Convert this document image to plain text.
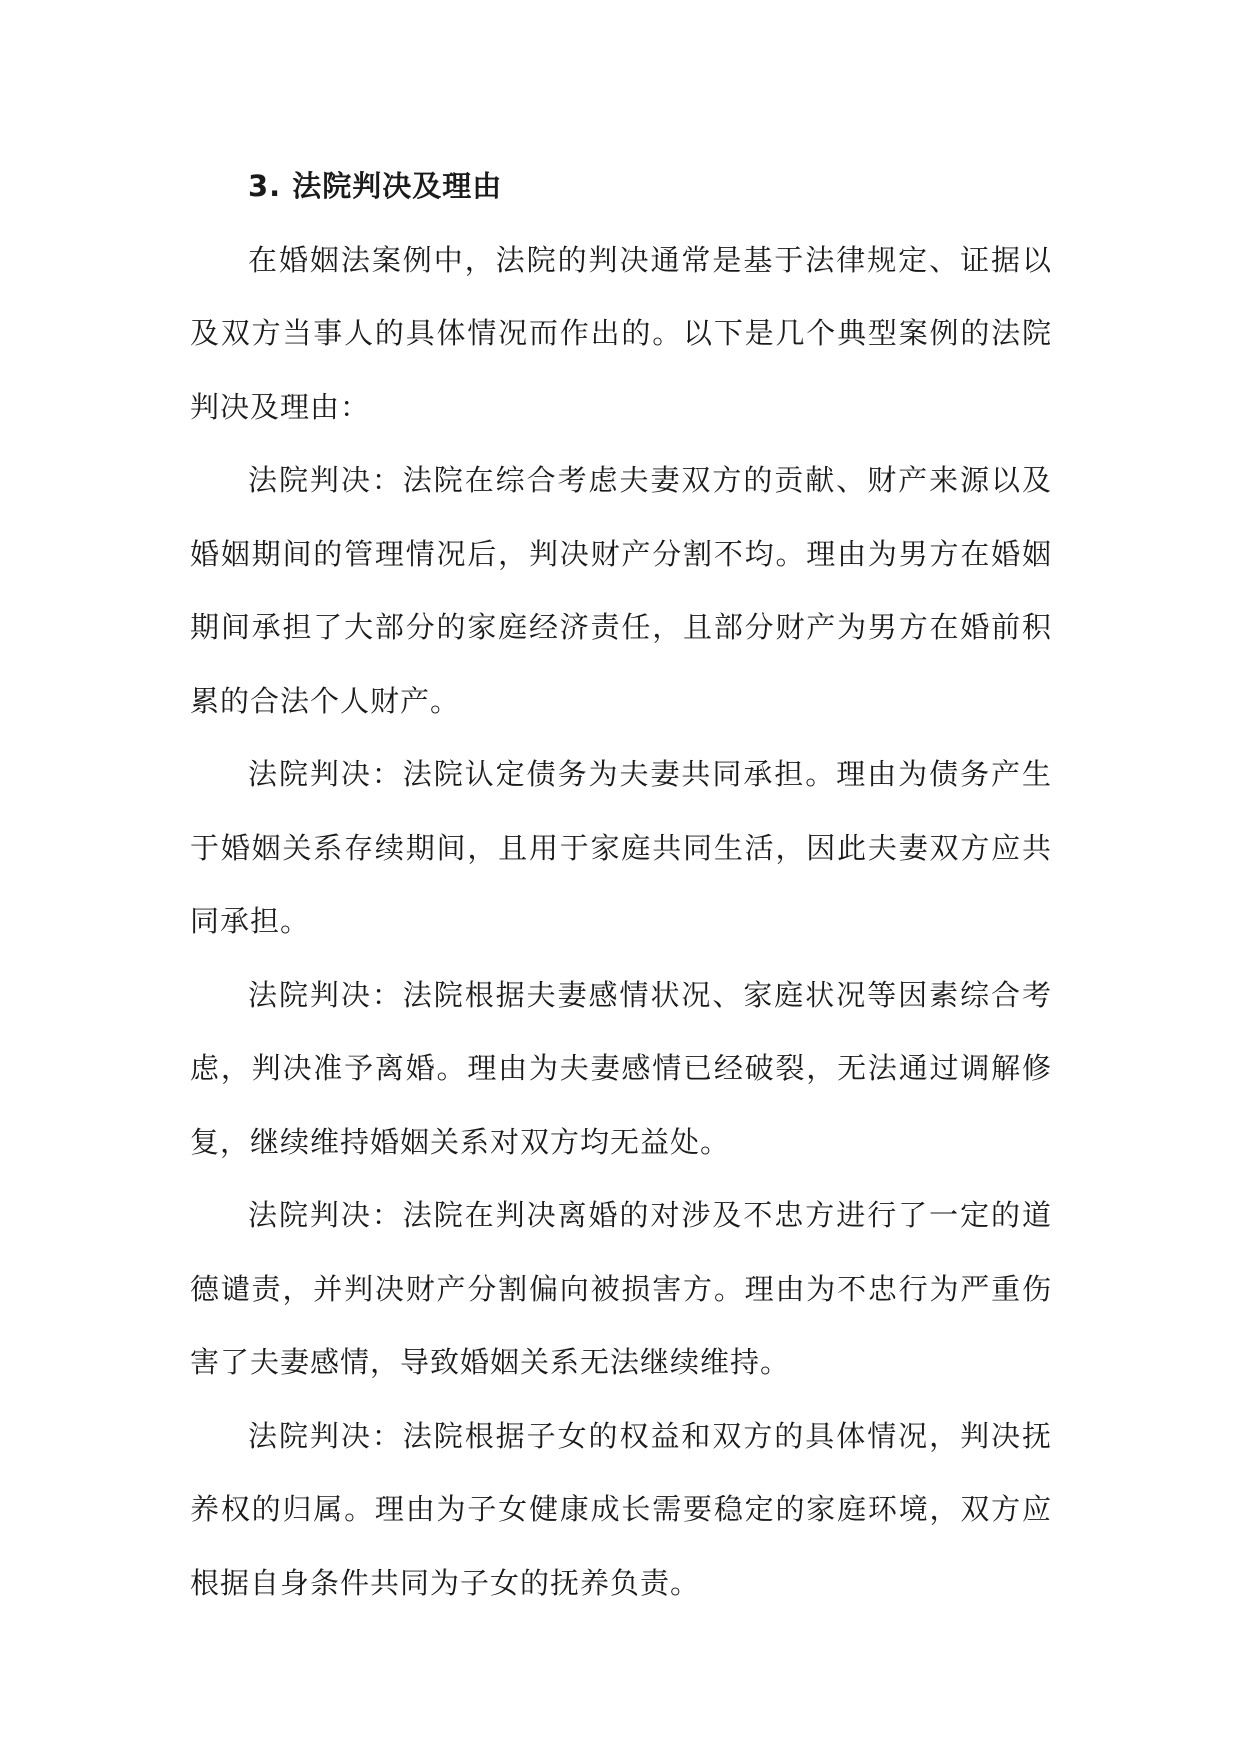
3. 法院判决及理由

在婚姻法案例中，法院的判决通常是基于法律规定、证据以及双方当事人的具体情况而作出的。以下是几个典型案例的法院判决及理由：

法院判决：法院在综合考虑夫妻双方的贡献、财产来源以及婚姻期间的管理情况后，判决财产分割不均。理由为男方在婚姻期间承担了大部分的家庭经济责任，且部分财产为男方在婚前积累的合法个人财产。

法院判决：法院认定债务为夫妻共同承担。理由为债务产生于婚姻关系存续期间，且用于家庭共同生活，因此夫妻双方应共同承担。

法院判决：法院根据夫妻感情状况、家庭状况等因素综合考虑，判决准予离婚。理由为夫妻感情已经破裂，无法通过调解修复，继续维持婚姻关系对双方均无益处。

法院判决：法院在判决离婚的对涉及不忠方进行了一定的道德谴责，并判决财产分割偏向被损害方。理由为不忠行为严重伤害了夫妻感情，导致婚姻关系无法继续维持。

法院判决：法院根据子女的权益和双方的具体情况，判决抚养权的归属。理由为子女健康成长需要稳定的家庭环境，双方应根据自身条件共同为子女的抚养负责。
